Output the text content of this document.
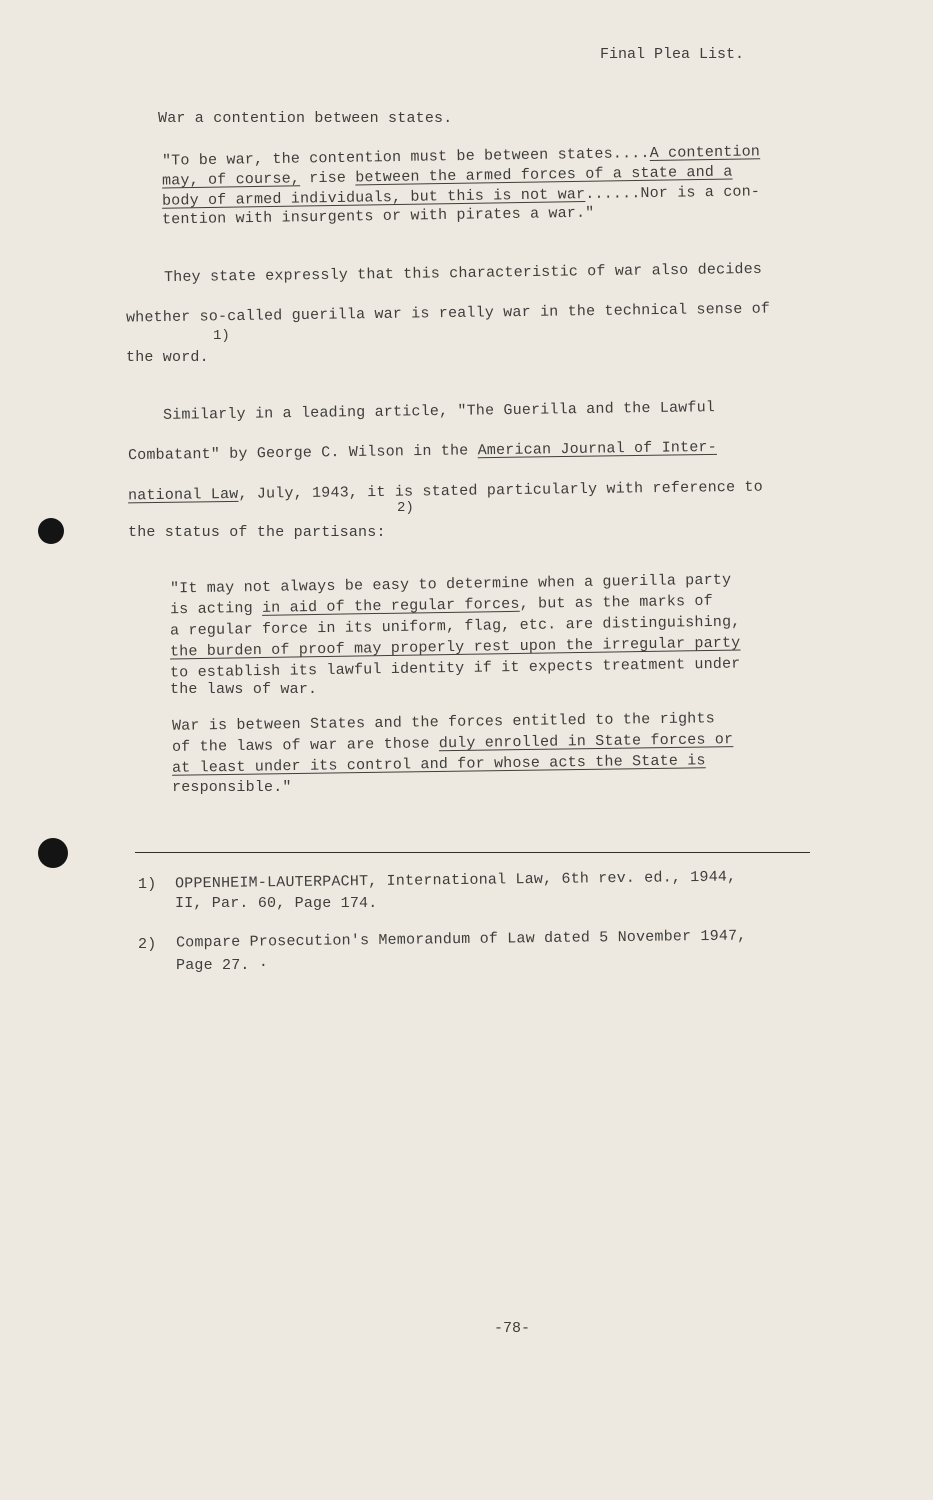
Final Plea List.
War a contention between states.
"To be war, the contention must be between states....A contention
may, of course, rise between the armed forces of a state and a
body of armed individuals, but this is not war......Nor is a con-
tention with insurgents or with pirates a war."
They state expressly that this characteristic of war also decides
whether so-called guerilla war is really war in the technical sense of
1)
the word.
Similarly in a leading article, "The Guerilla and the Lawful
Combatant" by George C. Wilson in the American Journal of Inter-
national Law, July, 1943, it is stated particularly with reference to
2)
the status of the partisans:
"It may not always be easy to determine when a guerilla party
is acting in aid of the regular forces, but as the marks of
a regular force in its uniform, flag, etc. are distinguishing,
the burden of proof may properly rest upon the irregular party
to establish its lawful identity if it expects treatment under
the laws of war.
War is between States and the forces entitled to the rights
of the laws of war are those duly enrolled in State forces or
at least under its control and for whose acts the State is
responsible."
1) OPPENHEIM-LAUTERPACHT, International Law, 6th rev. ed., 1944,
II, Par. 60, Page 174.
2) Compare Prosecution's Memorandum of Law dated 5 November 1947,
Page 27. ·
-78-
